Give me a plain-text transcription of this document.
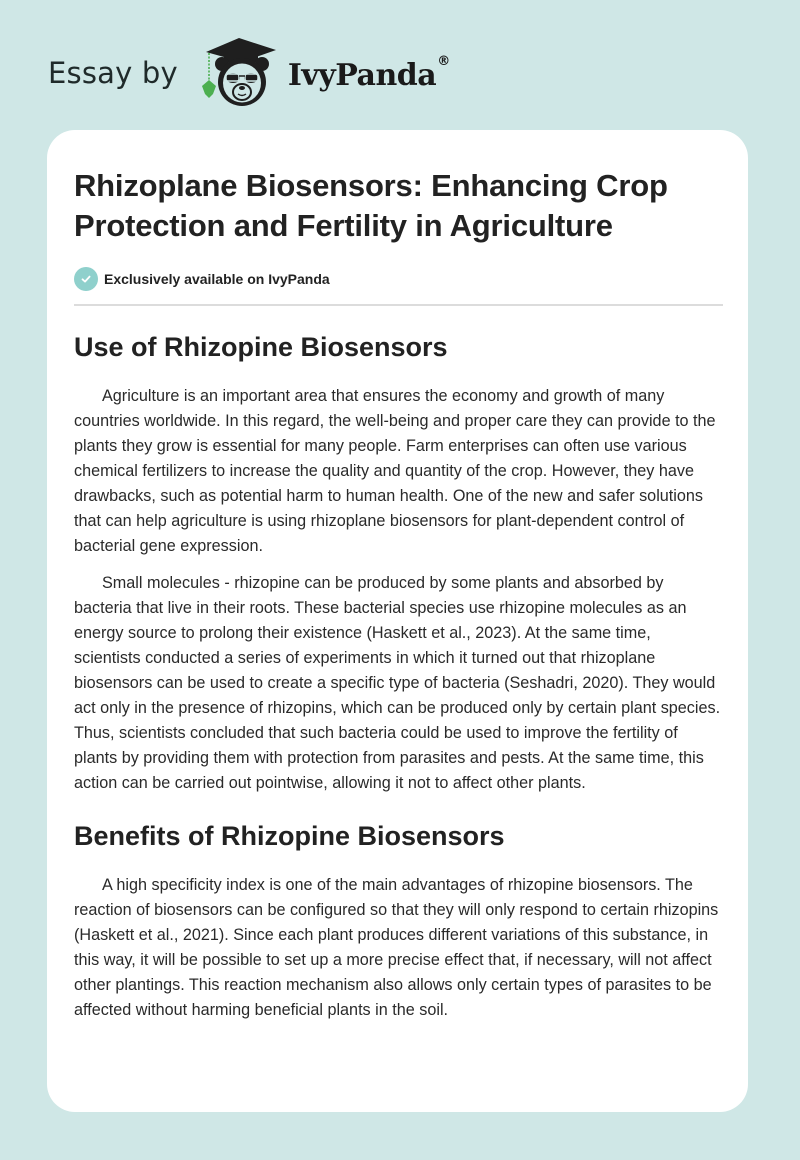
Essay by	IvyPanda®
Rhizoplane Biosensors: Enhancing Crop Protection and Fertility in Agriculture
Exclusively available on IvyPanda
Use of Rhizopine Biosensors

Agriculture is an important area that ensures the economy and growth of many countries worldwide. In this regard, the well-being and proper care they can provide to the plants they grow is essential for many people. Farm enterprises can often use various chemical fertilizers to increase the quality and quantity of the crop. However, they have drawbacks, such as potential harm to human health. One of the new and safer solutions that can help agriculture is using rhizoplane biosensors for plant-dependent control of bacterial gene expression.

Small molecules - rhizopine can be produced by some plants and absorbed by bacteria that live in their roots. These bacterial species use rhizopine molecules as an energy source to prolong their existence (Haskett et al., 2023). At the same time, scientists conducted a series of experiments in which it turned out that rhizoplane biosensors can be used to create a specific type of bacteria (Seshadri, 2020). They would act only in the presence of rhizopins, which can be produced only by certain plant species. Thus, scientists concluded that such bacteria could be used to improve the fertility of plants by providing them with protection from parasites and pests. At the same time, this action can be carried out pointwise, allowing it not to affect other plants.

Benefits of Rhizopine Biosensors

A high specificity index is one of the main advantages of rhizopine biosensors. The reaction of biosensors can be configured so that they will only respond to certain rhizopins (Haskett et al., 2021). Since each plant produces different variations of this substance, in this way, it will be possible to set up a more precise effect that, if necessary, will not affect other plantings. This reaction mechanism also allows only certain types of parasites to be affected without harming beneficial plants in the soil.
